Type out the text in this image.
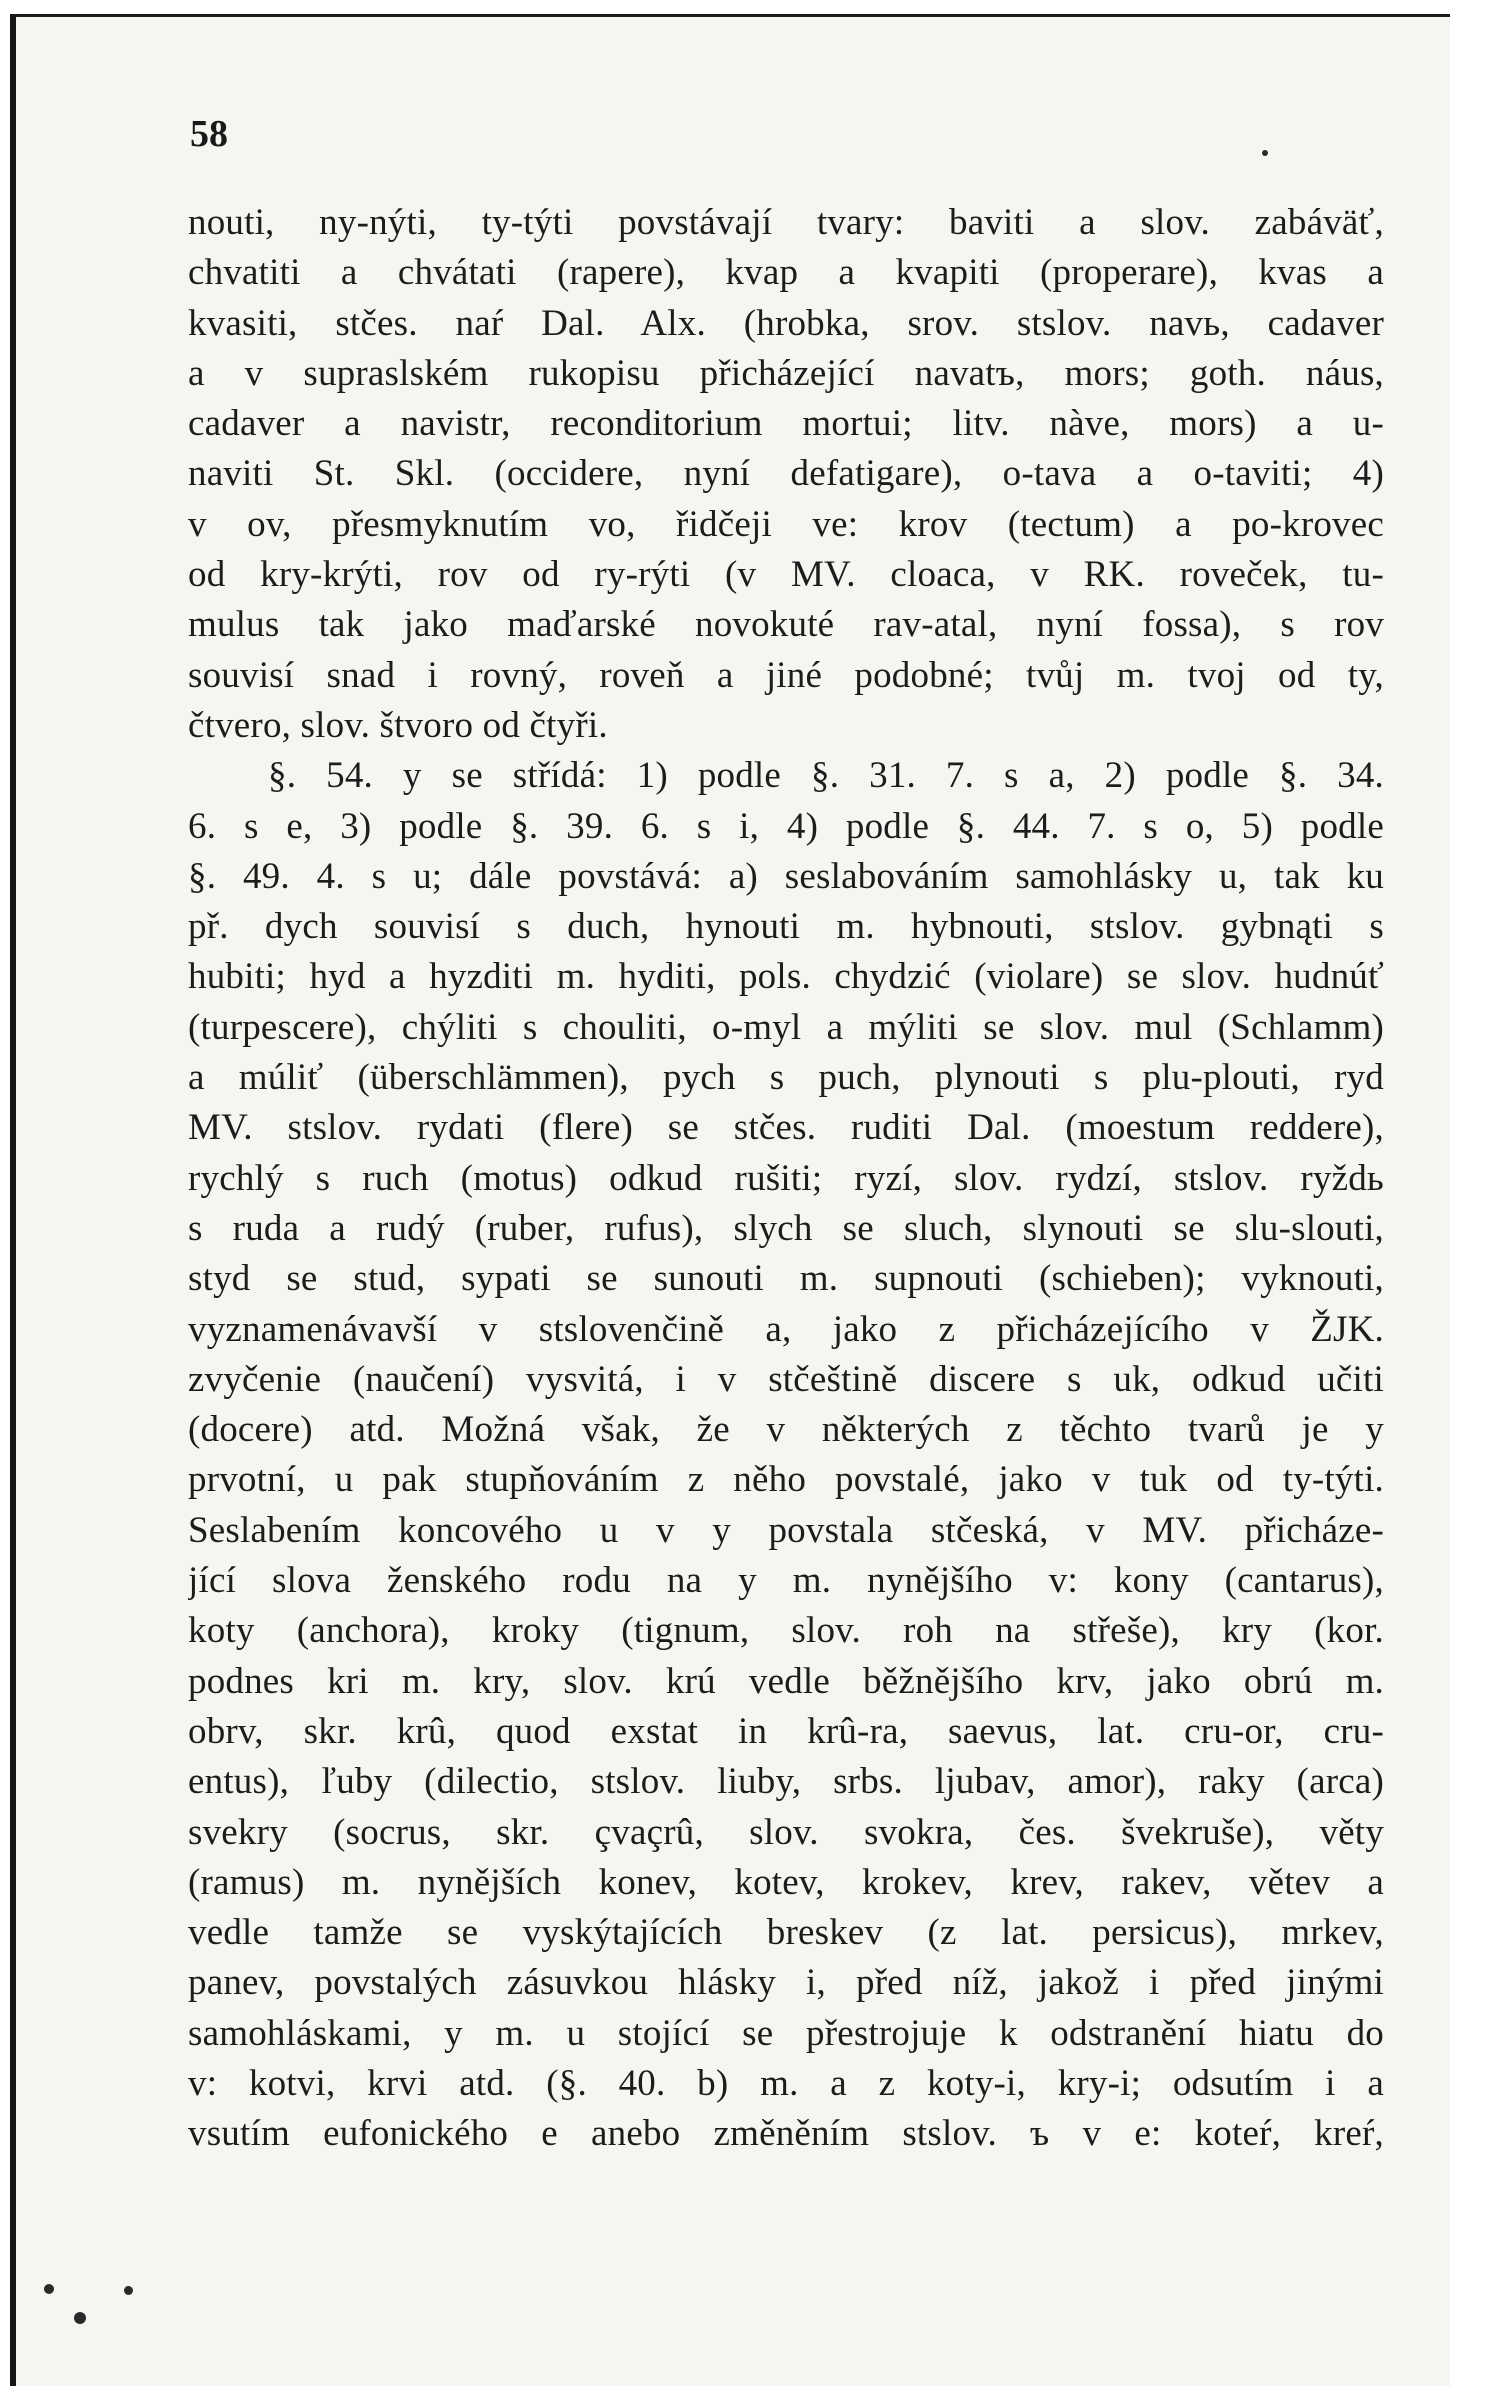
58
nouti, ny-nýti, ty-týti povstávají tvary: baviti a slov. zabáväť,
chvatiti a chvátati (rapere), kvap a kvapiti (properare), kvas a
kvasiti, stčes. naŕ Dal. Alx. (hrobka, srov. stslov. navь, cadaver
a v supraslském rukopisu přicházející navatъ, mors; goth. náus,
cadaver a navistr, reconditorium mortui; litv. nàve, mors) a u-
naviti St. Skl. (occidere, nyní defatigare), o-tava a o-taviti; 4)
v ov, přesmyknutím vo, řidčeji ve: krov (tectum) a po-krovec
od kry-krýti, rov od ry-rýti (v MV. cloaca, v RK. roveček, tu-
mulus tak jako maďarské novokuté rav-atal, nyní fossa), s rov
souvisí snad i rovný, roveň a jiné podobné; tvůj m. tvoj od ty,
čtvero, slov. štvoro od čtyři.
§. 54. y se střídá: 1) podle §. 31. 7. s a, 2) podle §. 34.
6. s e, 3) podle §. 39. 6. s i, 4) podle §. 44. 7. s o, 5) podle
§. 49. 4. s u; dále povstává: a) seslabováním samohlásky u, tak ku
př. dych souvisí s duch, hynouti m. hybnouti, stslov. gybnąti s
hubiti; hyd a hyzditi m. hyditi, pols. chydzić (violare) se slov. hudnúť
(turpescere), chýliti s chouliti, o-myl a mýliti se slov. mul (Schlamm)
a múliť (überschlämmen), pych s puch, plynouti s plu-plouti, ryd
MV. stslov. rydati (flere) se stčes. ruditi Dal. (moestum reddere),
rychlý s ruch (motus) odkud rušiti; ryzí, slov. rydzí, stslov. ryždь
s ruda a rudý (ruber, rufus), slych se sluch, slynouti se slu-slouti,
styd se stud, sypati se sunouti m. supnouti (schieben); vyknouti,
vyznamenávavší v stslovenčině a, jako z přicházejícího v ŽJK.
zvyčenie (naučení) vysvitá, i v stčeštině discere s uk, odkud učiti
(docere) atd. Možná však, že v některých z těchto tvarů je y
prvotní, u pak stupňováním z něho povstalé, jako v tuk od ty-týti.
Seslabením koncového u v y povstala stčeská, v MV. přicháze-
jící slova ženského rodu na y m. nynějšího v: kony (cantarus),
koty (anchora), kroky (tignum, slov. roh na střeše), kry (kor.
podnes kri m. kry, slov. krú vedle běžnějšího krv, jako obrú m.
obrv, skr. krû, quod exstat in krû-ra, saevus, lat. cru-or, cru-
entus), ľuby (dilectio, stslov. liuby, srbs. ljubav, amor), raky (arca)
svekry (socrus, skr. çvaçrû, slov. svokra, čes. švekruše), věty
(ramus) m. nynějších konev, kotev, krokev, krev, rakev, větev a
vedle tamže se vyskýtajících breskev (z lat. persicus), mrkev,
panev, povstalých zásuvkou hlásky i, před níž, jakož i před jinými
samohláskami, y m. u stojící se přestrojuje k odstranění hiatu do
v: kotvi, krvi atd. (§. 40. b) m. a z koty-i, kry-i; odsutím i a
vsutím eufonického e anebo změněním stslov. ъ v e: koteŕ, kreŕ,
